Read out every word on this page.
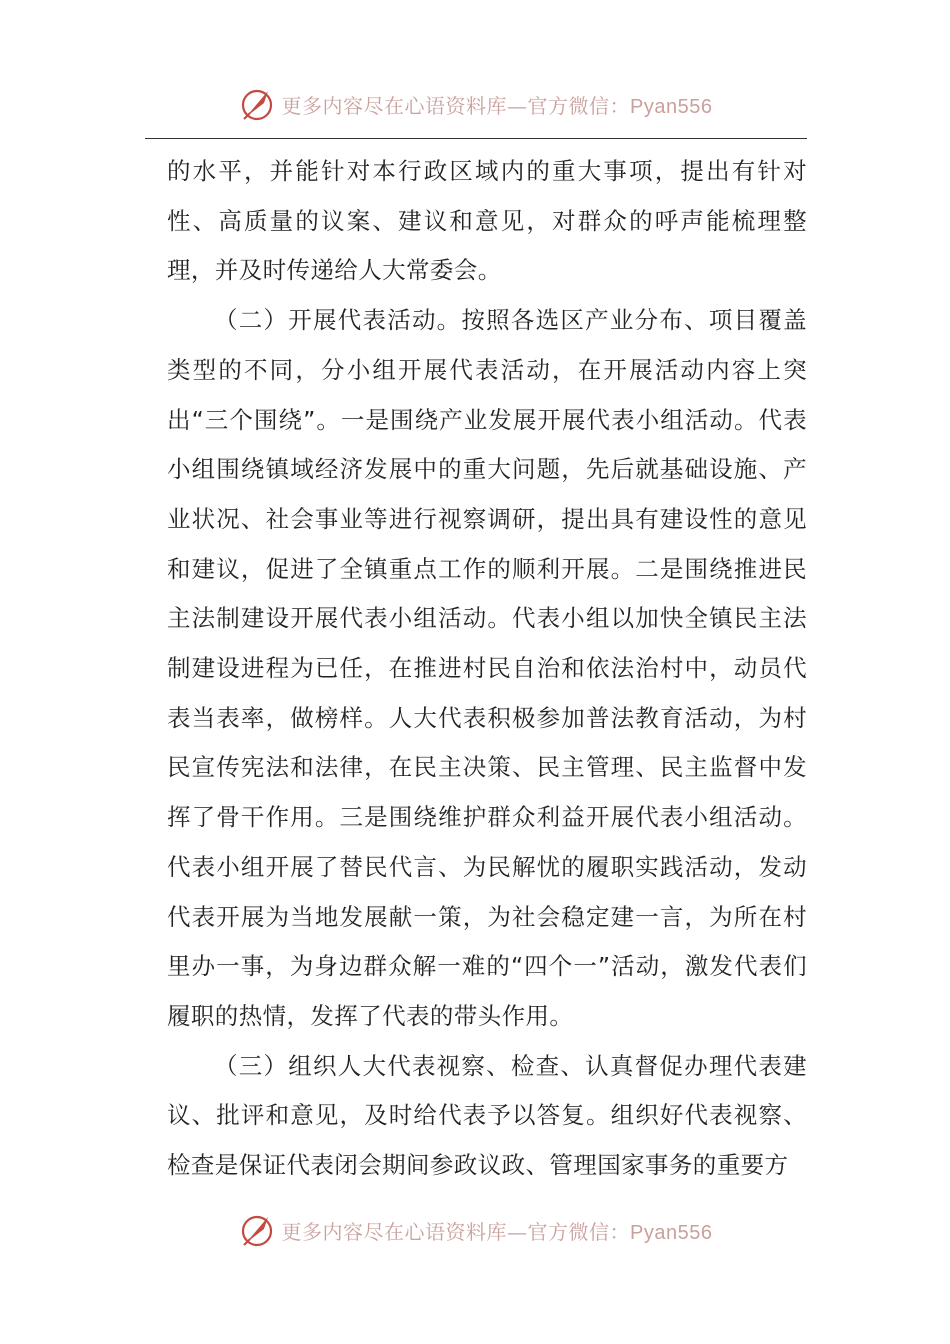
更多内容尽在心语资料库—官方微信：Pyan556

的水平，并能针对本行政区域内的重大事项，提出有针对性、高质量的议案、建议和意见，对群众的呼声能梳理整理，并及时传递给人大常委会。

（二）开展代表活动。按照各选区产业分布、项目覆盖类型的不同，分小组开展代表活动，在开展活动内容上突出“三个围绕”。一是围绕产业发展开展代表小组活动。代表小组围绕镇域经济发展中的重大问题，先后就基础设施、产业状况、社会事业等进行视察调研，提出具有建设性的意见和建议，促进了全镇重点工作的顺利开展。二是围绕推进民主法制建设开展代表小组活动。代表小组以加快全镇民主法制建设进程为已任，在推进村民自治和依法治村中，动员代表当表率，做榜样。人大代表积极参加普法教育活动，为村民宣传宪法和法律，在民主决策、民主管理、民主监督中发挥了骨干作用。三是围绕维护群众利益开展代表小组活动。代表小组开展了替民代言、为民解忧的履职实践活动，发动代表开展为当地发展献一策，为社会稳定建一言，为所在村里办一事，为身边群众解一难的“四个一”活动，激发代表们履职的热情，发挥了代表的带头作用。

（三）组织人大代表视察、检查、认真督促办理代表建议、批评和意见，及时给代表予以答复。组织好代表视察、检查是保证代表闭会期间参政议政、管理国家事务的重要方

更多内容尽在心语资料库—官方微信：Pyan556
